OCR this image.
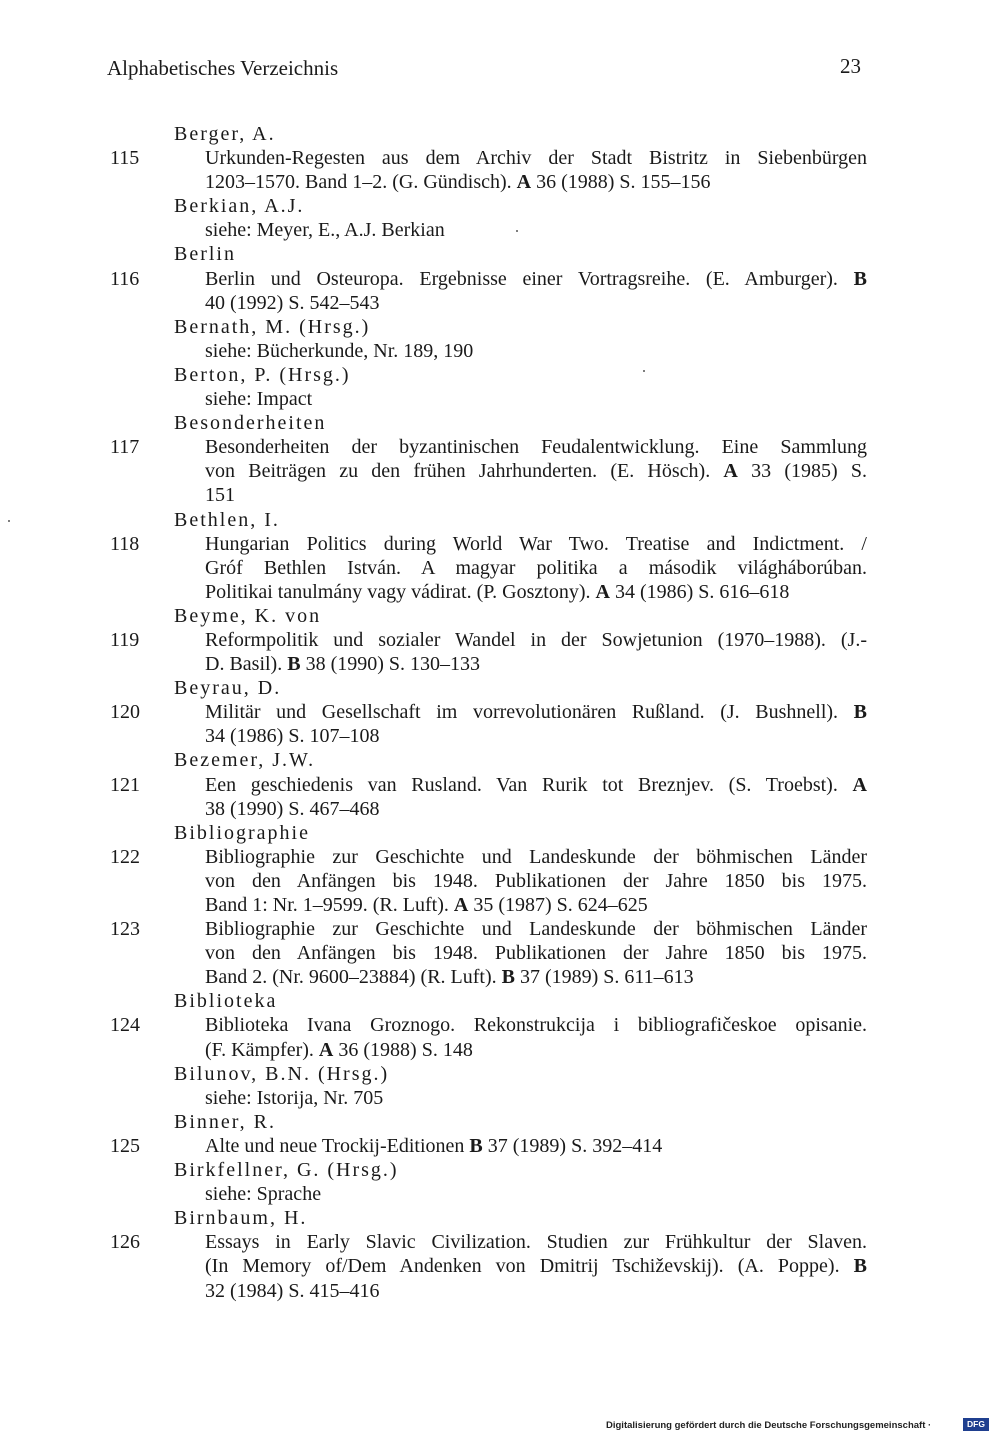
Alphabetisches Verzeichnis	23
Berger, A.
115	Urkunden-Regesten aus dem Archiv der Stadt Bistritz in Siebenbürgen
1203–1570. Band 1–2. (G. Gündisch). A 36 (1988) S. 155–156
Berkian, A.J.
siehe: Meyer, E., A.J. Berkian
Berlin
116	Berlin und Osteuropa. Ergebnisse einer Vortragsreihe. (E. Amburger). B
40 (1992) S. 542–543
Bernath, M. (Hrsg.)
siehe: Bücherkunde, Nr. 189, 190
Berton, P. (Hrsg.)
siehe: Impact
Besonderheiten
117	Besonderheiten der byzantinischen Feudalentwicklung. Eine Sammlung
von Beiträgen zu den frühen Jahrhunderten. (E. Hösch). A 33 (1985) S.
151
Bethlen, I.
118	Hungarian Politics during World War Two. Treatise and Indictment. /
Gróf Bethlen István. A magyar politika a második világháborúban.
Politikai tanulmány vagy vádirat. (P. Gosztony). A 34 (1986) S. 616–618
Beyme, K. von
119	Reformpolitik und sozialer Wandel in der Sowjetunion (1970–1988). (J.-
D. Basil). B 38 (1990) S. 130–133
Beyrau, D.
120	Militär und Gesellschaft im vorrevolutionären Rußland. (J. Bushnell). B
34 (1986) S. 107–108
Bezemer, J.W.
121	Een geschiedenis van Rusland. Van Rurik tot Breznjev. (S. Troebst). A
38 (1990) S. 467–468
Bibliographie
122	Bibliographie zur Geschichte und Landeskunde der böhmischen Länder
von den Anfängen bis 1948. Publikationen der Jahre 1850 bis 1975.
Band 1: Nr. 1–9599. (R. Luft). A 35 (1987) S. 624–625
123	Bibliographie zur Geschichte und Landeskunde der böhmischen Länder
von den Anfängen bis 1948. Publikationen der Jahre 1850 bis 1975.
Band 2. (Nr. 9600–23884) (R. Luft). B 37 (1989) S. 611–613
Biblioteka
124	Biblioteka Ivana Groznogo. Rekonstrukcija i bibliografičeskoe opisanie.
(F. Kämpfer). A 36 (1988) S. 148
Bilunov, B.N. (Hrsg.)
siehe: Istorija, Nr. 705
Binner, R.
125	Alte und neue Trockij-Editionen B 37 (1989) S. 392–414
Birkfellner, G. (Hrsg.)
siehe: Sprache
Birnbaum, H.
126	Essays in Early Slavic Civilization. Studien zur Frühkultur der Slaven.
(In Memory of/Dem Andenken von Dmitrij Tschiževskij). (A. Poppe). B
32 (1984) S. 415–416
Digitalisierung gefördert durch die Deutsche Forschungsgemeinschaft ·	DFG
